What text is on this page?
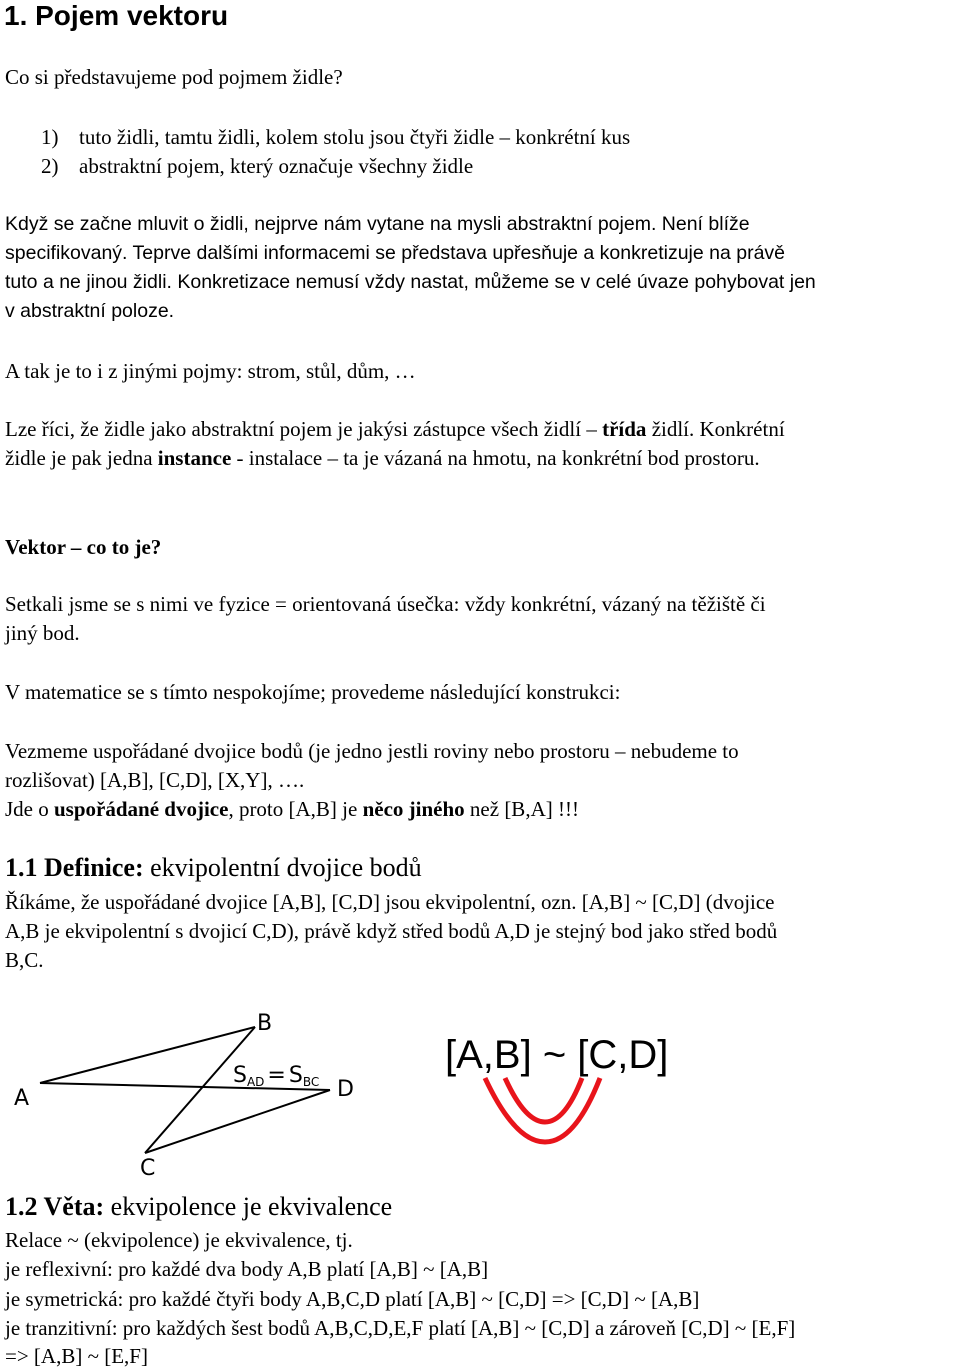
1. Pojem vektoru
Co si představujeme pod pojmem židle?
1) tuto židli, tamtu židli, kolem stolu jsou čtyři židle – konkrétní kus
2) abstraktní pojem, který označuje všechny židle
Když se začne mluvit o židli, nejprve nám vytane na mysli abstraktní pojem. Není blíže
specifikovaný. Teprve dalšími informacemi se představa upřesňuje a konkretizuje na právě
tuto a ne jinou židli. Konkretizace nemusí vždy nastat, můžeme se v celé úvaze pohybovat jen
v abstraktní poloze.
A tak je to i z jinými pojmy: strom, stůl, dům, …
Lze říci, že židle jako abstraktní pojem je jakýsi zástupce všech židlí – třída židlí. Konkrétní
židle je pak jedna instance - instalace – ta je vázaná na hmotu, na konkrétní bod prostoru.
Vektor – co to je?
Setkali jsme se s nimi ve fyzice = orientovaná úsečka: vždy konkrétní, vázaný na těžiště či
jiný bod.
V matematice se s tímto nespokojíme; provedeme následující konstrukci:
Vezmeme uspořádané dvojice bodů (je jedno jestli roviny nebo prostoru – nebudeme to
rozlišovat) [A,B], [C,D], [X,Y], ….
Jde o uspořádané dvojice, proto [A,B] je něco jiného než [B,A] !!!
1.1 Definice: ekvipolentní dvojice bodů
Říkáme, že uspořádané dvojice [A,B], [C,D] jsou ekvipolentní, ozn. [A,B] ~ [C,D] (dvojice
A,B je ekvipolentní s dvojicí C,D), právě když střed bodů A,D je stejný bod jako střed bodů
B,C.
A
B
C
D
SAD = SBC
[A,B] ~ [C,D]
1.2 Věta: ekvipolence je ekvivalence
Relace ~ (ekvipolence) je ekvivalence, tj.
je reflexivní: pro každé dva body A,B platí [A,B] ~ [A,B]
je symetrická: pro každé čtyři body A,B,C,D platí [A,B] ~ [C,D] => [C,D] ~ [A,B]
je tranzitivní: pro každých šest bodů A,B,C,D,E,F platí [A,B] ~ [C,D] a zároveň [C,D] ~ [E,F]
=> [A,B] ~ [E,F]
